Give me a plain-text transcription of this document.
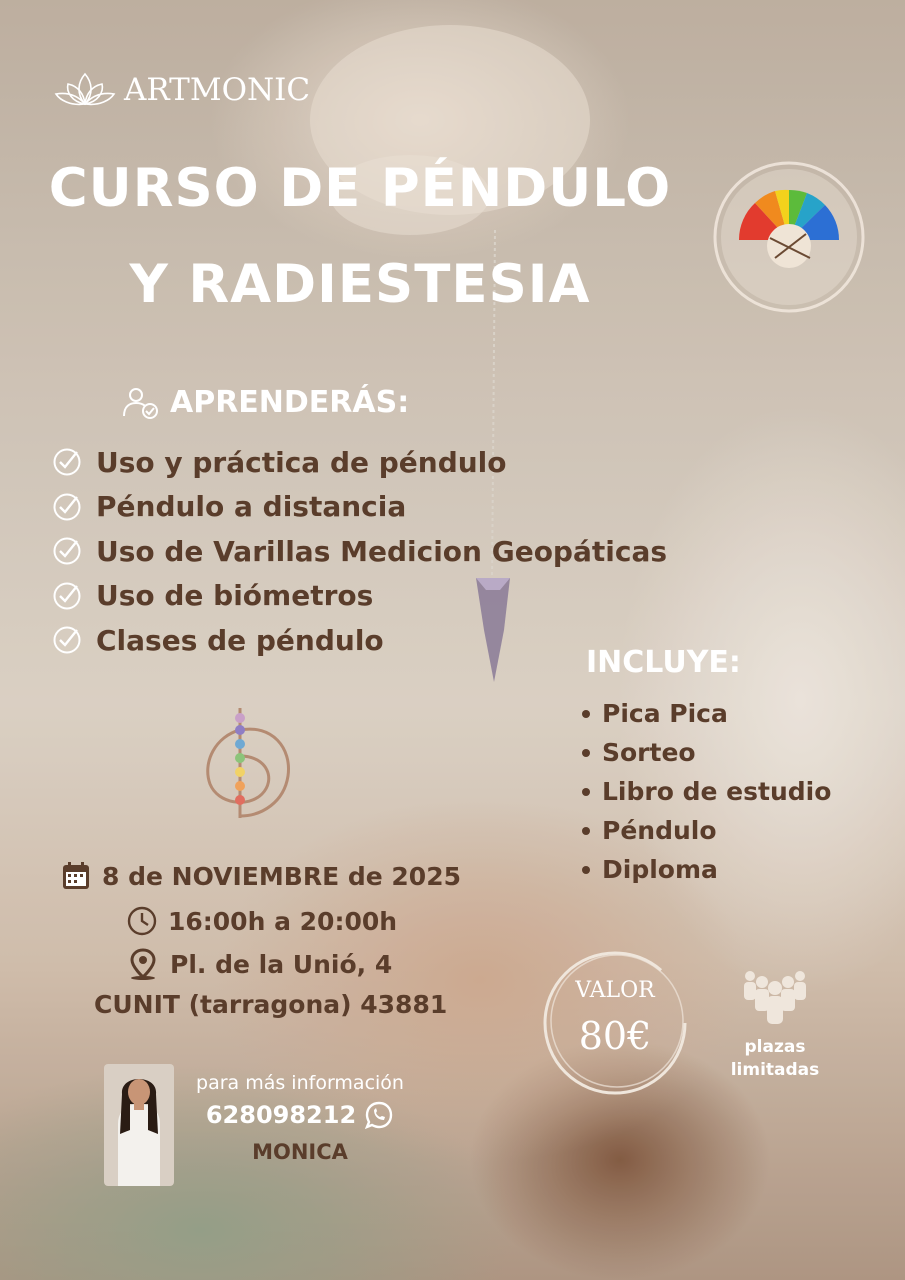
ARTMONIC
CURSO DE PÉNDULO
Y RADIESTESIA
APRENDERÁS:
Uso y práctica de péndulo
Péndulo a distancia
Uso de Varillas Medicion Geopáticas
Uso de biómetros
Clases de péndulo
INCLUYE:
Pica Pica
Sorteo
Libro de estudio
Péndulo
Diploma
8 de NOVIEMBRE de 2025
16:00h a 20:00h
Pl. de la Unió, 4
CUNIT (tarragona) 43881	VALOR
80€	plazas
limitadas
para más información
628098212
MONICA
